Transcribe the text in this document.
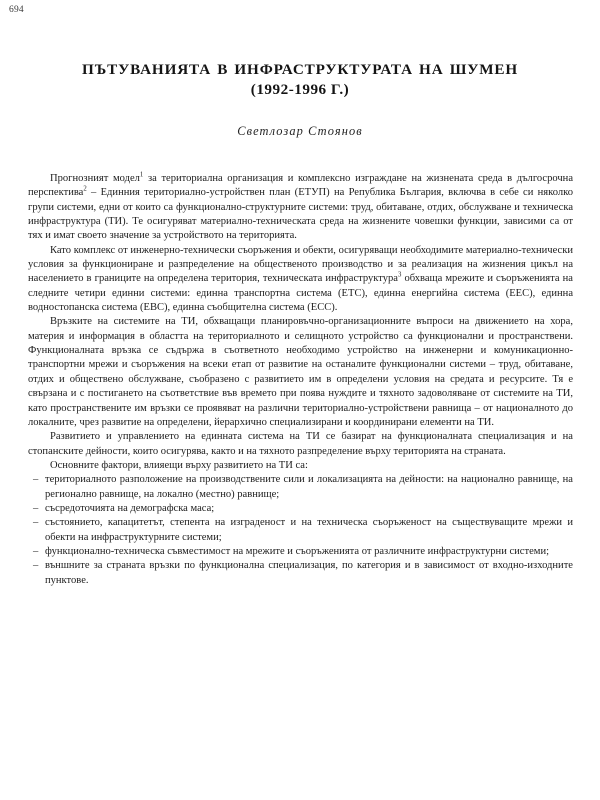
694
ПЪТУВАНИЯТА В ИНФРАСТРУКТУРАТА НА ШУМЕН
(1992-1996 Г.)
Светлозар Стоянов

Прогнозният модел$^1$ за териториална организация и комплексно изграждане на жизнената среда в дългосрочна перспектива$^2$ – Единния териториално-устройствен план (ЕТУП) на Република България, включва в себе си няколко групи системи, едни от които са функционално-структурните системи: труд, обитаване, отдих, обслужване и техническа инфраструктура (ТИ). Те осигуряват материално-техническата среда на жизнените човешки функции, зависими са от тях и имат своето значение за устройството на територията.

Като комплекс от инженерно-технически съоръжения и обекти, осигуряващи необходимите материално-технически условия за функциониране и разпределение на общественото производство и за реализация на жизнения цикъл на населението в границите на определена територия, техническата инфраструктура$^3$ обхваща мрежите и съоръженията на следните четири единни системи: единна транспортна система (ЕТС), единна енергийна система (ЕЕС), единна водностопанска система (ЕВС), единна съобщителна система (ЕСС).

Връзките на системите на ТИ, обхващащи планировъчно-организационните въпроси на движението на хора, материя и информация в областта на териториалното и селищното устройство са функционални и пространствени. Функционалната връзка се съдържа в съответното необходимо устройство на инженерни и комуникационно-транспортни мрежи и съоръжения на всеки етап от развитие на останалите функционални системи – труд, обитаване, отдих и обществено обслужване, съобразено с развитието им в определени условия на средата и ресурсите. Тя е свързана и с постигането на съответствие във времето при поява нуждите и тяхното задоволяване от системите на ТИ, като пространствените им връзки се проявяват на различни териториално-устройствени равнища – от националното до локалните, чрез развитие на определени, йерархично специализирани и координирани елементи на ТИ.

Развитието и управлението на единната система на ТИ се базират на функционалната специализация и на стопанските дейности, които осигурява, както и на тяхното разпределение върху територията на страната.

Основните фактори, влияещи върху развитието на ТИ са:

– териториалното разположение на производствените сили и локализацията на дейности: на национално равнище, на регионално равнище, на локално (местно) равнище;
– съсредоточията на демографска маса;
– състоянието, капацитетът, степента на изграденост и на техническа съоръженост на съществуващите мрежи и обекти на инфраструктурните системи;
– функционално-техническа съвместимост на мрежите и съоръженията от различните инфраструктурни системи;
– външните за страната връзки по функционална специализация, по категория и в зависимост от входно-изходните пунктове.
